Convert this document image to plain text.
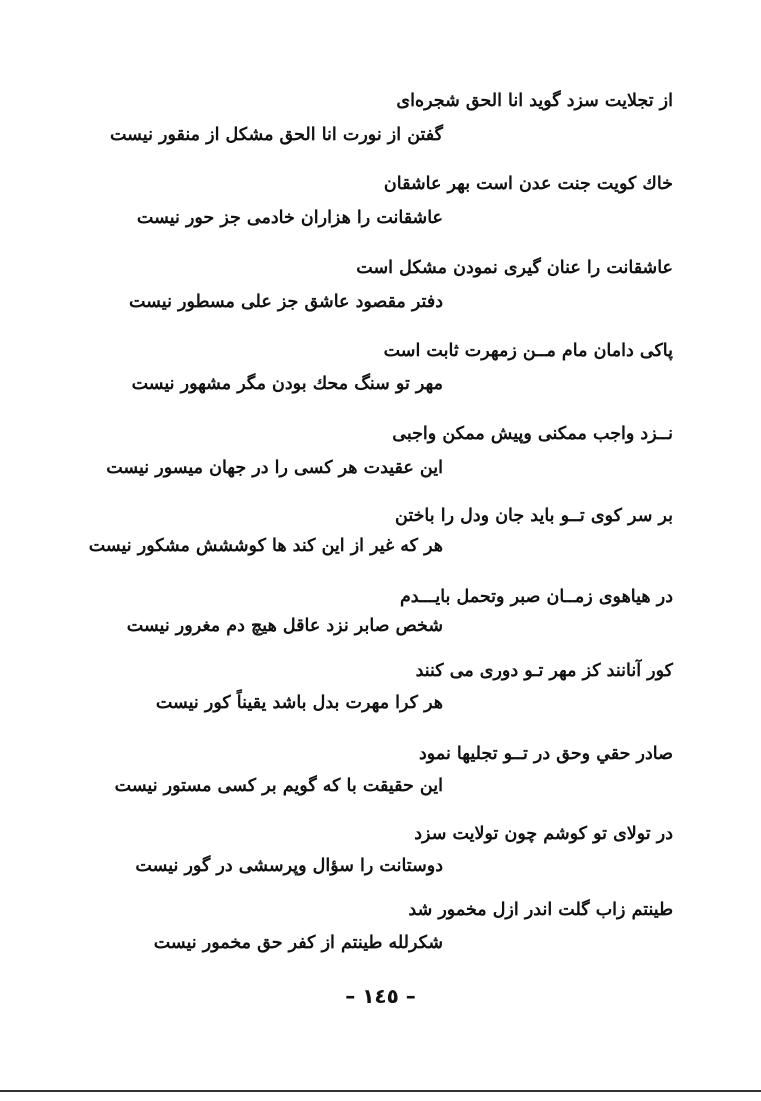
از تجلایت سزد گوید انا الحق شجره‌ای
گفتن از نورت انا الحق مشکل از منقور نیست
خاك کویت جنت عدن است بهر عاشقان
عاشقانت را هزاران خادمی جز حور نیست
عاشقانت را عنان گیری نمودن مشکل است
دفتر مقصود عاشق جز علی مسطور نیست
پاکی دامان مام مــن زمهرت ثابت است
مهر تو سنگ محك بودن مگر مشهور نیست
نــزد واجب ممکنی وپیش ممکن واجبی
این عقیدت هر کسی را در جهان میسور نیست
بر سر کوی تــو باید جان ودل را باختن
هر که غیر از این کند ها کوششش مشکور نیست
در هیاهوی زمــان صبر وتحمل بایـــدم
شخص صابر نزد عاقل هیچ دم مغرور نیست
کور آنانند کز مهر تـو دوری می کنند
هر کرا مهرت بدل باشد یقیناً کور نیست
صادر حقي وحق در تــو تجليها نمود
این حقیقت با که گویم بر کسی مستور نیست
در تولای تو کوشم چون تولایت سزد
دوستانت را سؤال وپرسشی در گور نیست
طینتم زاب گلت اندر ازل مخمور شد
شکرلله طینتم از کفر حق مخمور نیست
– ١٤٥ –
